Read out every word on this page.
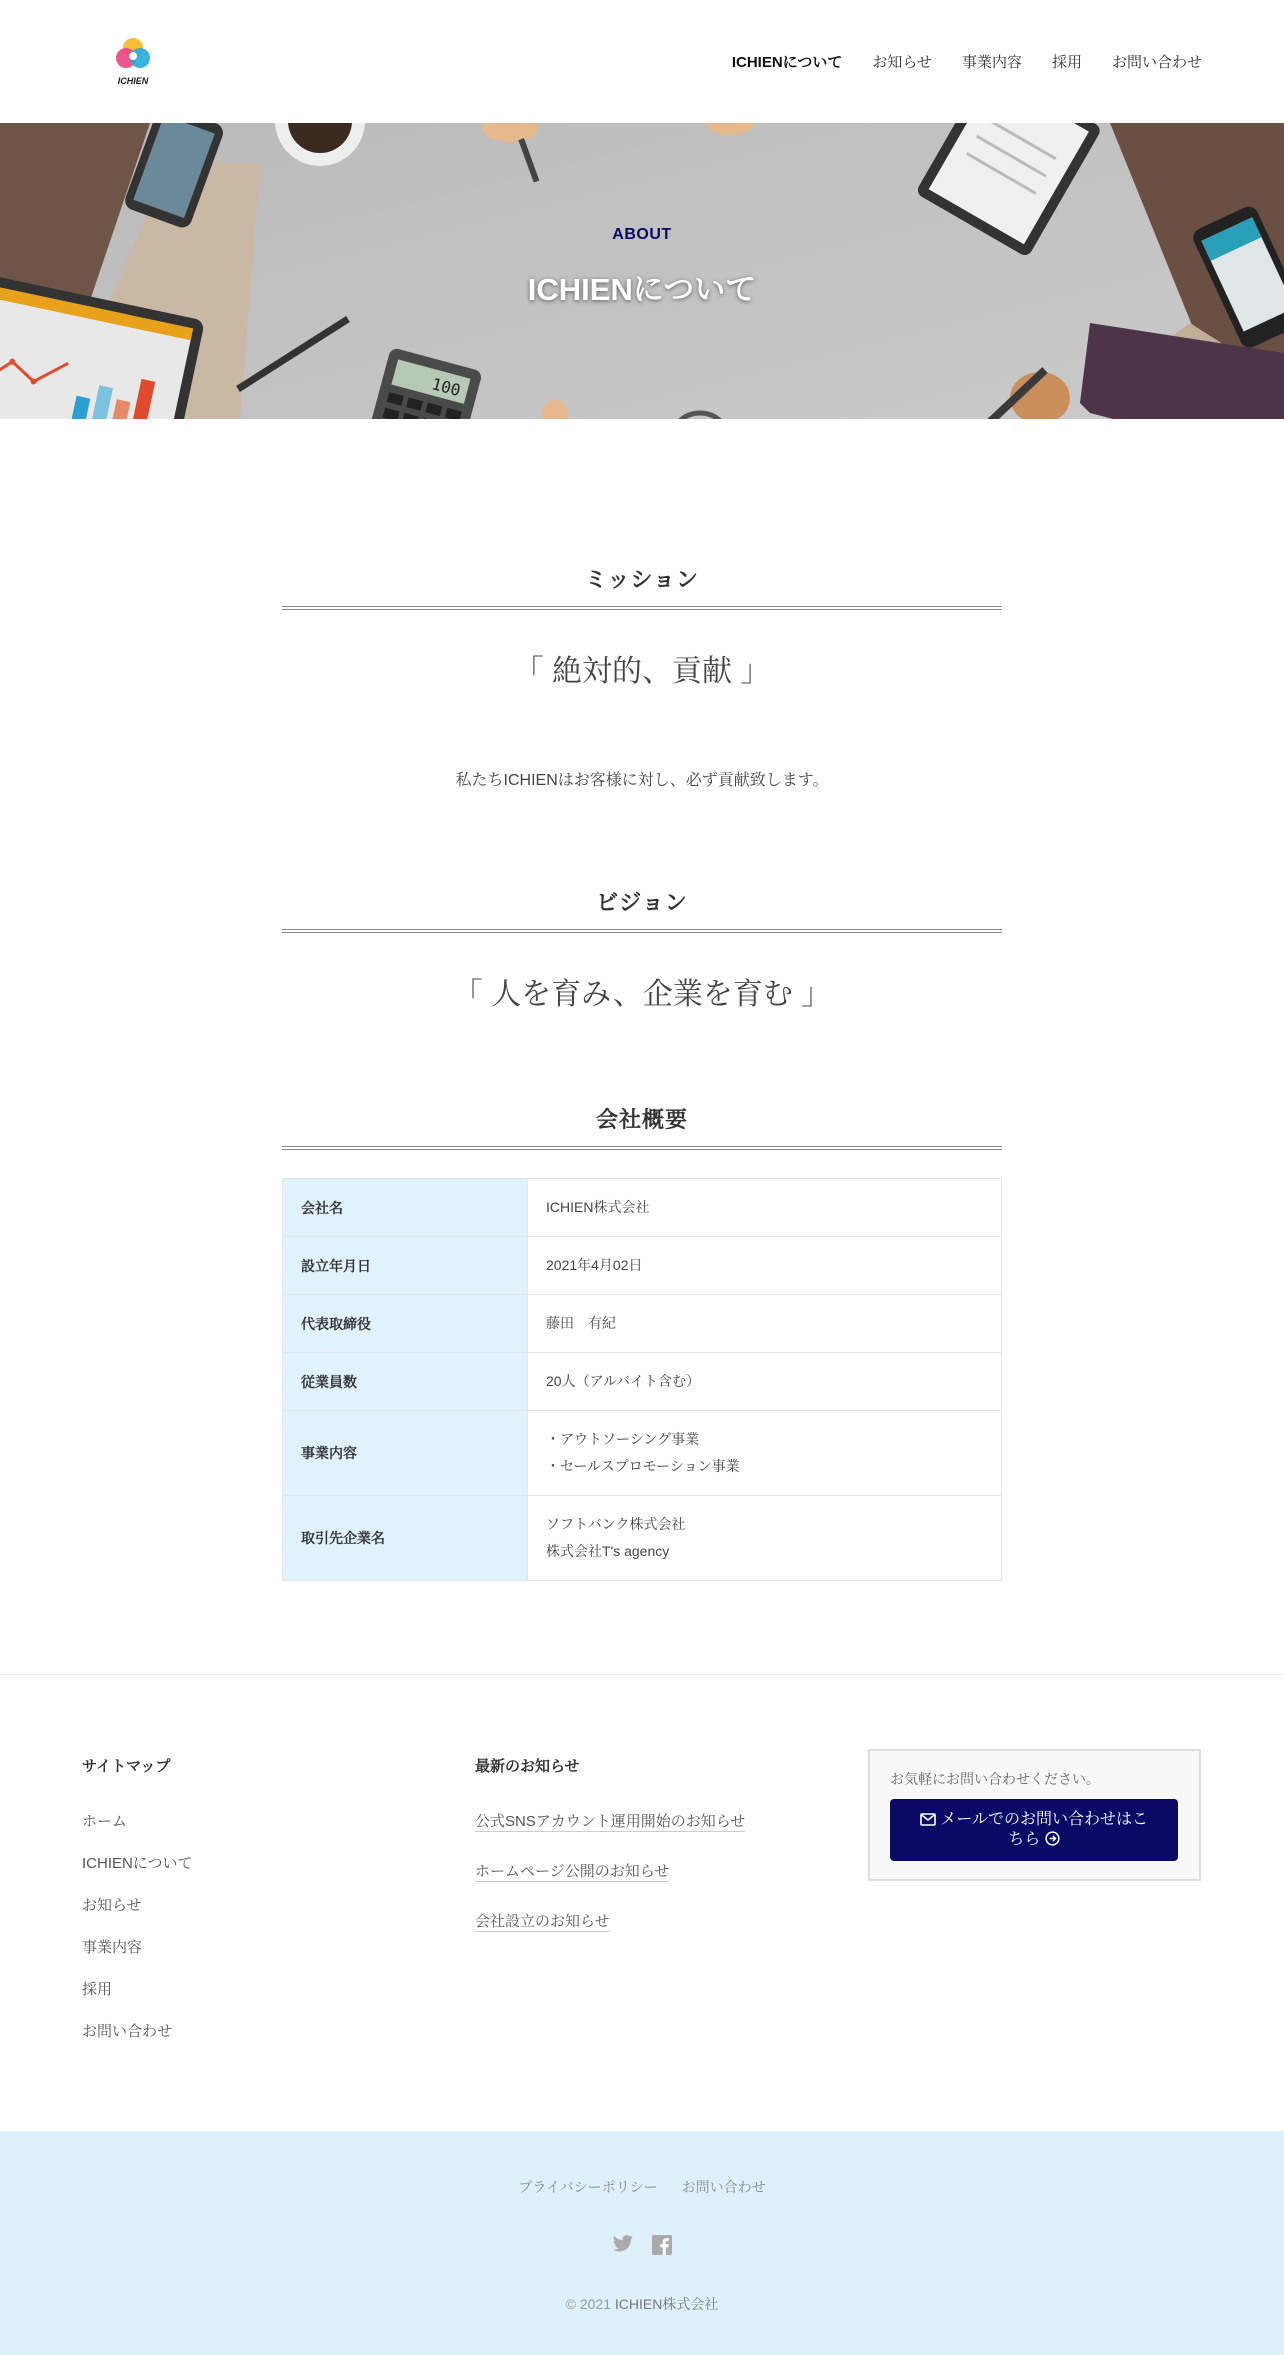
ICHIEN
ICHIENについて お知らせ 事業内容 採用 お問い合わせ
100
ABOUT
ICHIENについて
ミッション

「 絶対的、貢献 」

私たちICHIENはお客様に対し、必ず貢献致します。

ビジョン

「 人を育み、企業を育む 」

会社概要
会社名	ICHIEN株式会社
設立年月日	2021年4月02日
代表取締役	藤田　有紀
従業員数	20人（アルバイト含む）
事業内容	・アウトソーシング事業
・セールスプロモーション事業

取引先企業名	ソフトバンク株式会社
株式会社T's agency
サイトマップ
ホーム
ICHIENについて
お知らせ
事業内容
採用
お問い合わせ
最新のお知らせ
公式SNSアカウント運用開始のお知らせ
ホームページ公開のお知らせ
会社設立のお知らせ

お気軽にお問い合わせください。

メールでのお問い合わせはこちら
プライバシーポリシー お問い合わせ

© 2021 ICHIEN株式会社
